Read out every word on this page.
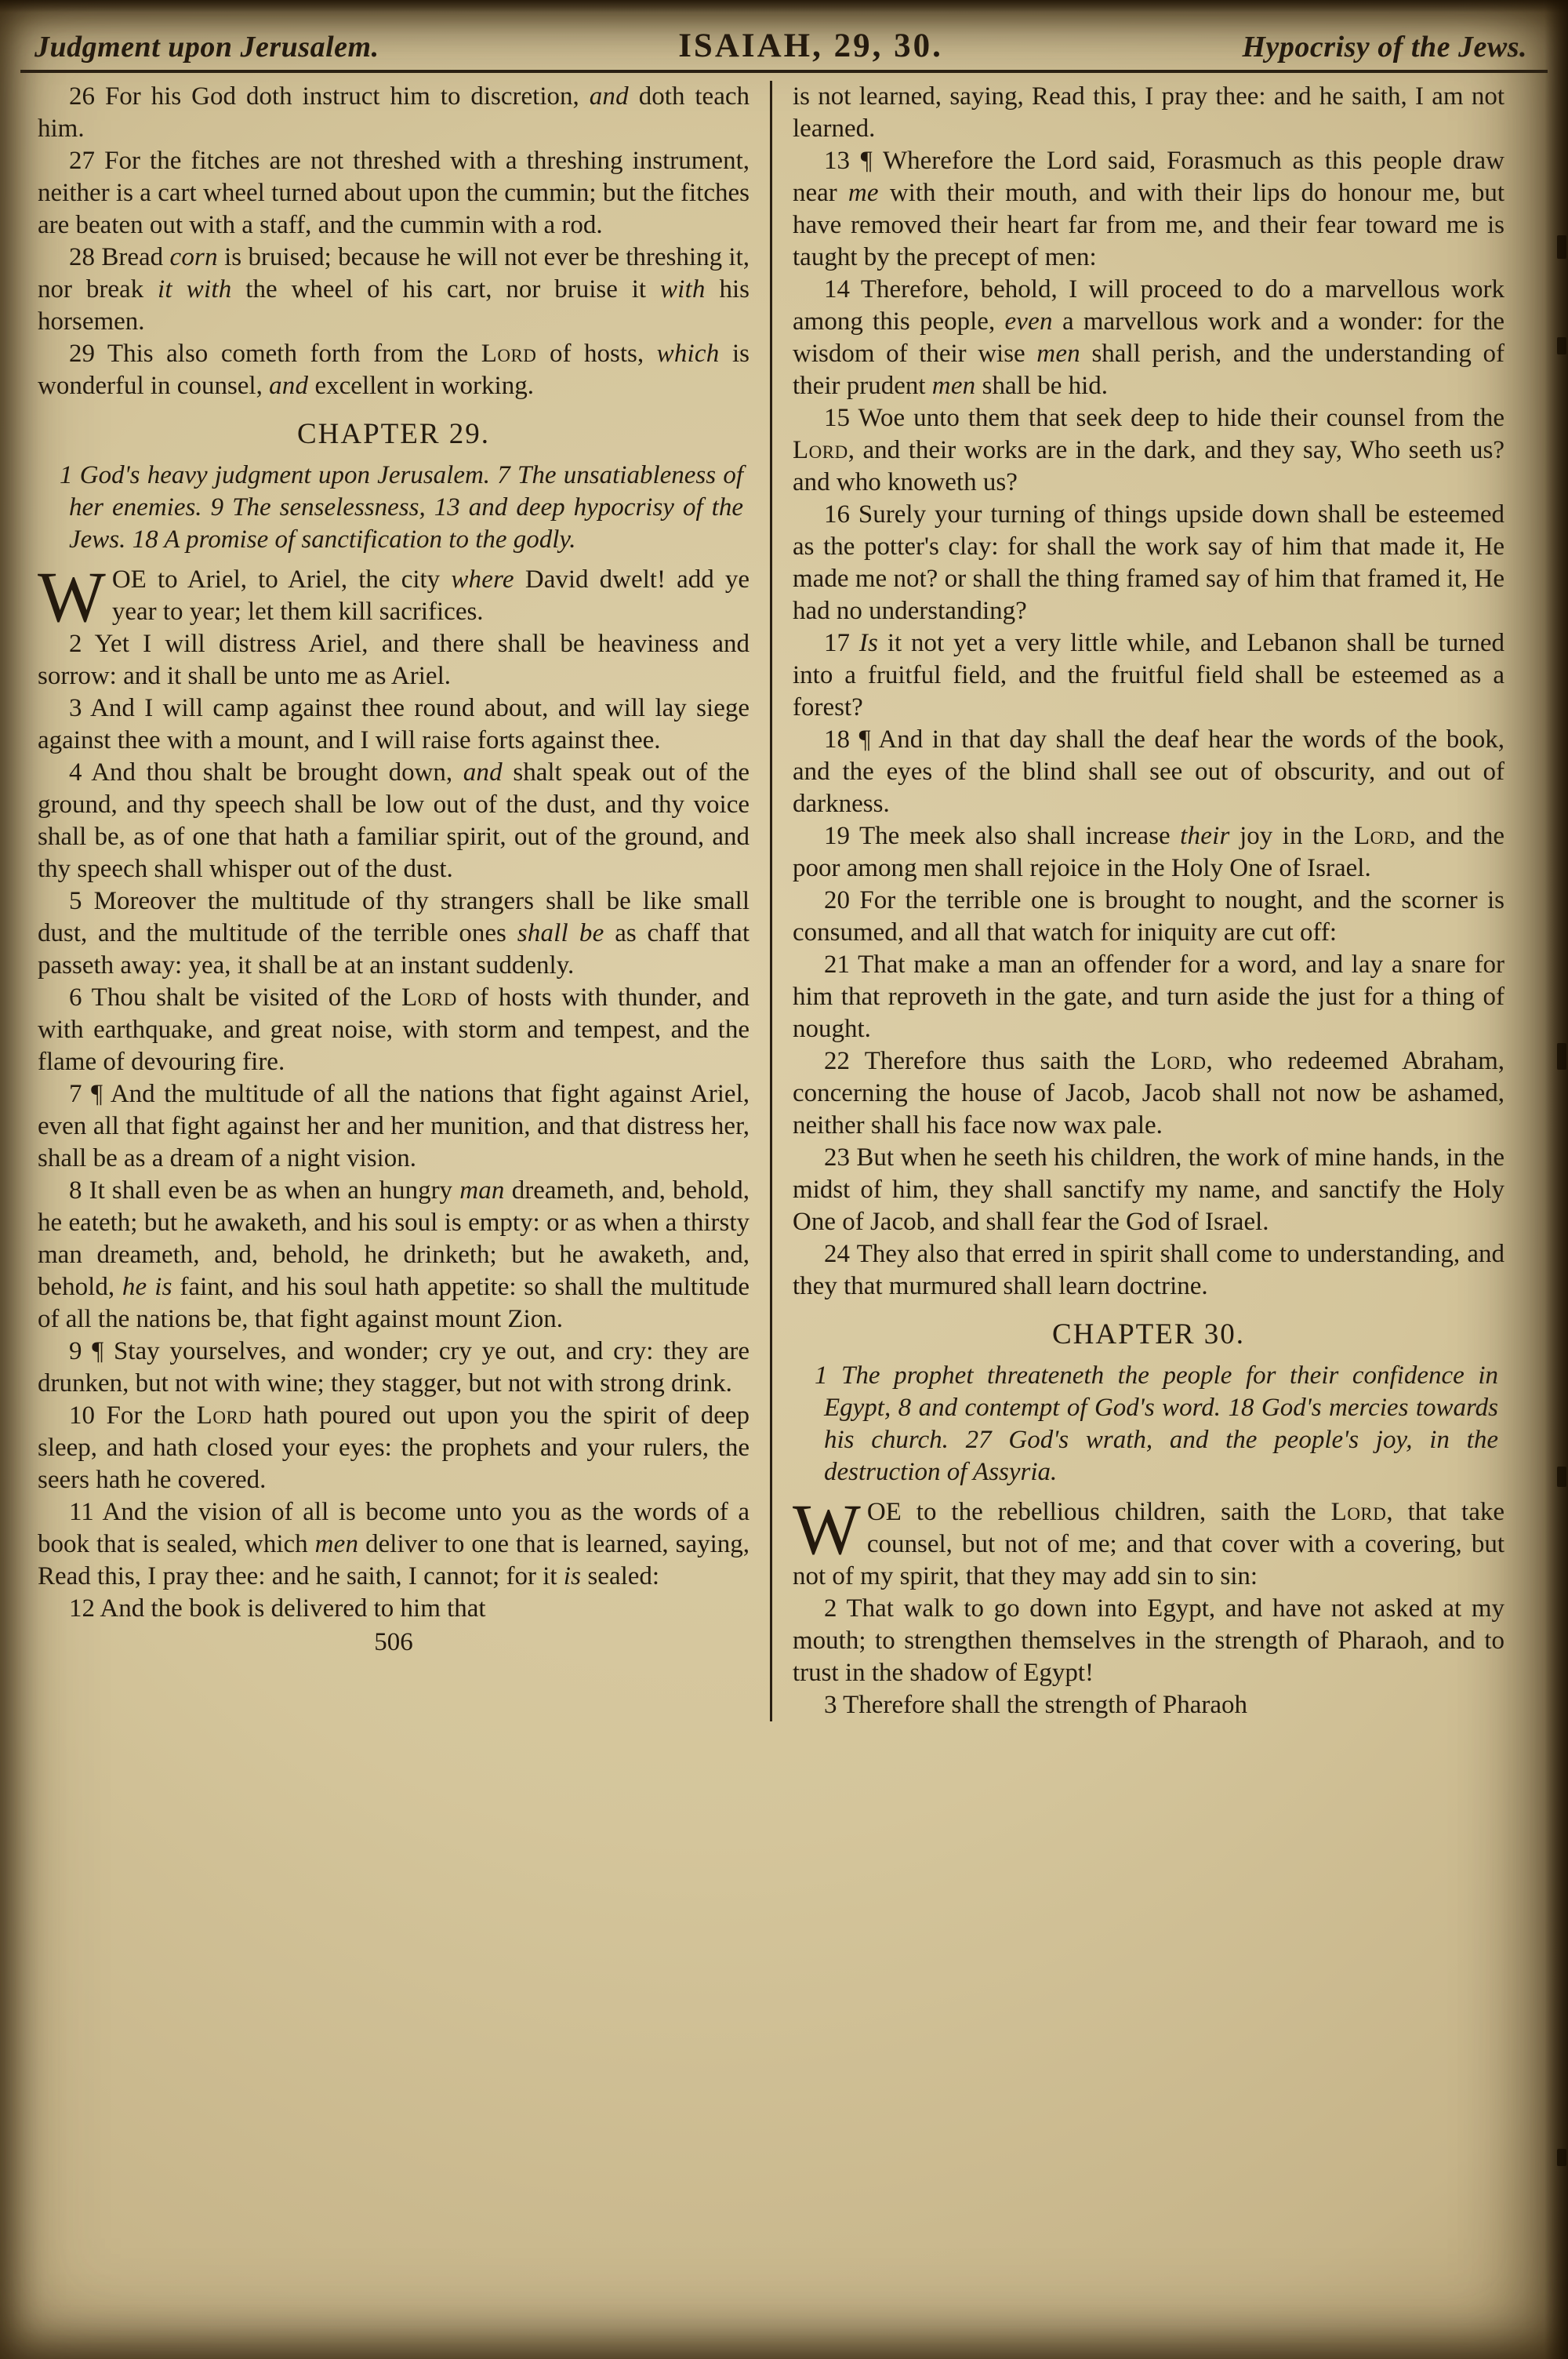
Judgment upon Jerusalem.	ISAIAH, 29, 30.	Hypocrisy of the Jews.
26 For his God doth instruct him to discretion, and doth teach him.
27 For the fitches are not threshed with a threshing instrument, neither is a cart wheel turned about upon the cummin; but the fitches are beaten out with a staff, and the cummin with a rod.
28 Bread corn is bruised; because he will not ever be threshing it, nor break it with the wheel of his cart, nor bruise it with his horsemen.
29 This also cometh forth from the Lord of hosts, which is wonderful in counsel, and excellent in working.
CHAPTER 29.
1 God's heavy judgment upon Jerusalem. 7 The unsatiableness of her enemies. 9 The senselessness, 13 and deep hypocrisy of the Jews. 18 A promise of sanctification to the godly.
WOE to Ariel, to Ariel, the city where David dwelt! add ye year to year; let them kill sacrifices.
2 Yet I will distress Ariel, and there shall be heaviness and sorrow: and it shall be unto me as Ariel.
3 And I will camp against thee round about, and will lay siege against thee with a mount, and I will raise forts against thee.
4 And thou shalt be brought down, and shalt speak out of the ground, and thy speech shall be low out of the dust, and thy voice shall be, as of one that hath a familiar spirit, out of the ground, and thy speech shall whisper out of the dust.
5 Moreover the multitude of thy strangers shall be like small dust, and the multitude of the terrible ones shall be as chaff that passeth away: yea, it shall be at an instant suddenly.
6 Thou shalt be visited of the Lord of hosts with thunder, and with earthquake, and great noise, with storm and tempest, and the flame of devouring fire.
7 ¶ And the multitude of all the nations that fight against Ariel, even all that fight against her and her munition, and that distress her, shall be as a dream of a night vision.
8 It shall even be as when an hungry man dreameth, and, behold, he eateth; but he awaketh, and his soul is empty: or as when a thirsty man dreameth, and, behold, he drinketh; but he awaketh, and, behold, he is faint, and his soul hath appetite: so shall the multitude of all the nations be, that fight against mount Zion.
9 ¶ Stay yourselves, and wonder; cry ye out, and cry: they are drunken, but not with wine; they stagger, but not with strong drink.
10 For the Lord hath poured out upon you the spirit of deep sleep, and hath closed your eyes: the prophets and your rulers, the seers hath he covered.
11 And the vision of all is become unto you as the words of a book that is sealed, which men deliver to one that is learned, saying, Read this, I pray thee: and he saith, I cannot; for it is sealed:
12 And the book is delivered to him that
506
is not learned, saying, Read this, I pray thee: and he saith, I am not learned.
13 ¶ Wherefore the Lord said, Forasmuch as this people draw near me with their mouth, and with their lips do honour me, but have removed their heart far from me, and their fear toward me is taught by the precept of men:
14 Therefore, behold, I will proceed to do a marvellous work among this people, even a marvellous work and a wonder: for the wisdom of their wise men shall perish, and the understanding of their prudent men shall be hid.
15 Woe unto them that seek deep to hide their counsel from the Lord, and their works are in the dark, and they say, Who seeth us? and who knoweth us?
16 Surely your turning of things upside down shall be esteemed as the potter's clay: for shall the work say of him that made it, He made me not? or shall the thing framed say of him that framed it, He had no understanding?
17 Is it not yet a very little while, and Lebanon shall be turned into a fruitful field, and the fruitful field shall be esteemed as a forest?
18 ¶ And in that day shall the deaf hear the words of the book, and the eyes of the blind shall see out of obscurity, and out of darkness.
19 The meek also shall increase their joy in the Lord, and the poor among men shall rejoice in the Holy One of Israel.
20 For the terrible one is brought to nought, and the scorner is consumed, and all that watch for iniquity are cut off:
21 That make a man an offender for a word, and lay a snare for him that reproveth in the gate, and turn aside the just for a thing of nought.
22 Therefore thus saith the Lord, who redeemed Abraham, concerning the house of Jacob, Jacob shall not now be ashamed, neither shall his face now wax pale.
23 But when he seeth his children, the work of mine hands, in the midst of him, they shall sanctify my name, and sanctify the Holy One of Jacob, and shall fear the God of Israel.
24 They also that erred in spirit shall come to understanding, and they that murmured shall learn doctrine.
CHAPTER 30.
1 The prophet threateneth the people for their confidence in Egypt, 8 and contempt of God's word. 18 God's mercies towards his church. 27 God's wrath, and the people's joy, in the destruction of Assyria.
WOE to the rebellious children, saith the Lord, that take counsel, but not of me; and that cover with a covering, but not of my spirit, that they may add sin to sin:
2 That walk to go down into Egypt, and have not asked at my mouth; to strengthen themselves in the strength of Pharaoh, and to trust in the shadow of Egypt!
3 Therefore shall the strength of Pharaoh
